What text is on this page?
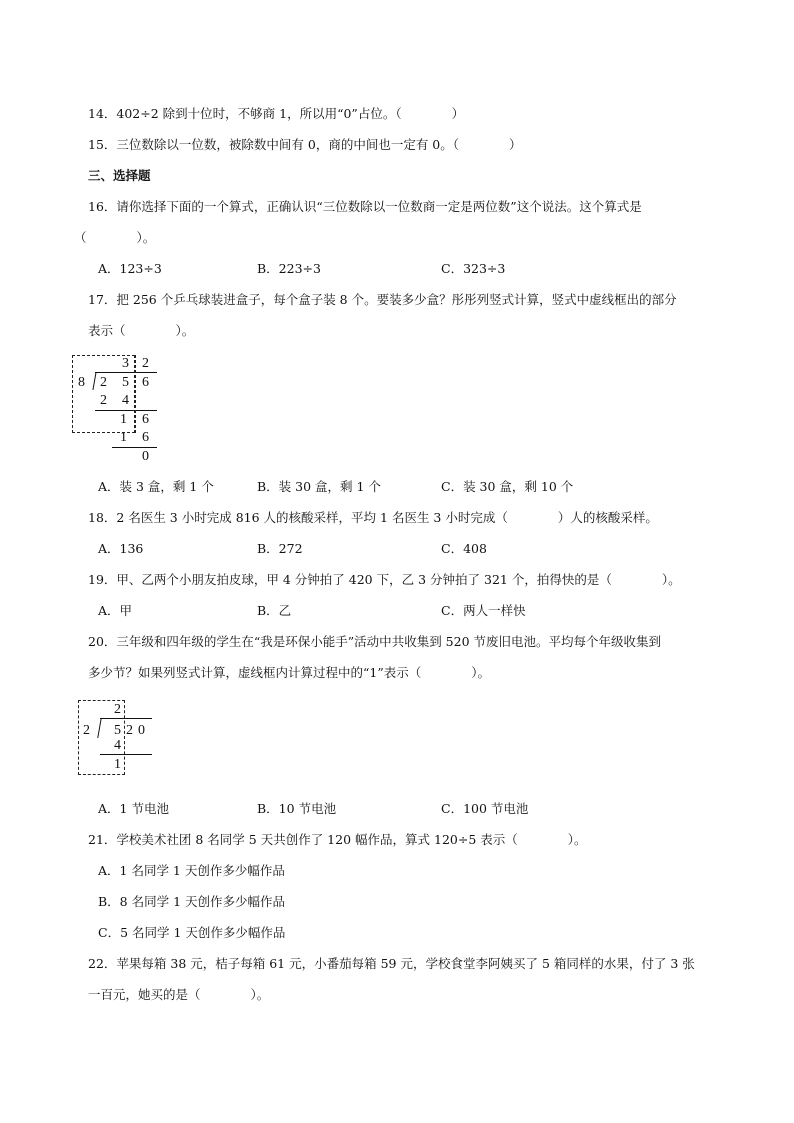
14．402÷2 除到十位时，不够商 1，所以用“0”占位。（　　　　）
15．三位数除以一位数，被除数中间有 0，商的中间也一定有 0。（　　　　）
三、选择题
16．请你选择下面的一个算式，正确认识“三位数除以一位数商一定是两位数”这个说法。这个算式是
（　　　　）。
A．123÷3	B．223÷3	C．323÷3
17．把 256 个乒乓球装进盒子，每个盒子装 8 个。要装多少盒？彤彤列竖式计算，竖式中虚线框出的部分
表示（　　　　）。
3 2
8 2 5 6
2 4
1 6
1 6
0
A．装 3 盒，剩 1 个	B．装 30 盒，剩 1 个	C．装 30 盒，剩 10 个
18．2 名医生 3 小时完成 816 人的核酸采样，平均 1 名医生 3 小时完成（　　　　）人的核酸采样。
A．136	B．272	C．408
19．甲、乙两个小朋友拍皮球，甲 4 分钟拍了 420 下，乙 3 分钟拍了 321 个，拍得快的是（　　　　）。
A．甲	B．乙	C．两人一样快
20．三年级和四年级的学生在“我是环保小能手”活动中共收集到 520 节废旧电池。平均每个年级收集到
多少节？如果列竖式计算，虚线框内计算过程中的“1”表示（　　　　）。
2
2 5 2 0
4
1
A．1 节电池	B．10 节电池	C．100 节电池
21．学校美术社团 8 名同学 5 天共创作了 120 幅作品，算式 120÷5 表示（　　　　）。
A．1 名同学 1 天创作多少幅作品
B．8 名同学 1 天创作多少幅作品
C．5 名同学 1 天创作多少幅作品
22．苹果每箱 38 元，桔子每箱 61 元，小番茄每箱 59 元，学校食堂李阿姨买了 5 箱同样的水果，付了 3 张
一百元，她买的是（　　　　）。
